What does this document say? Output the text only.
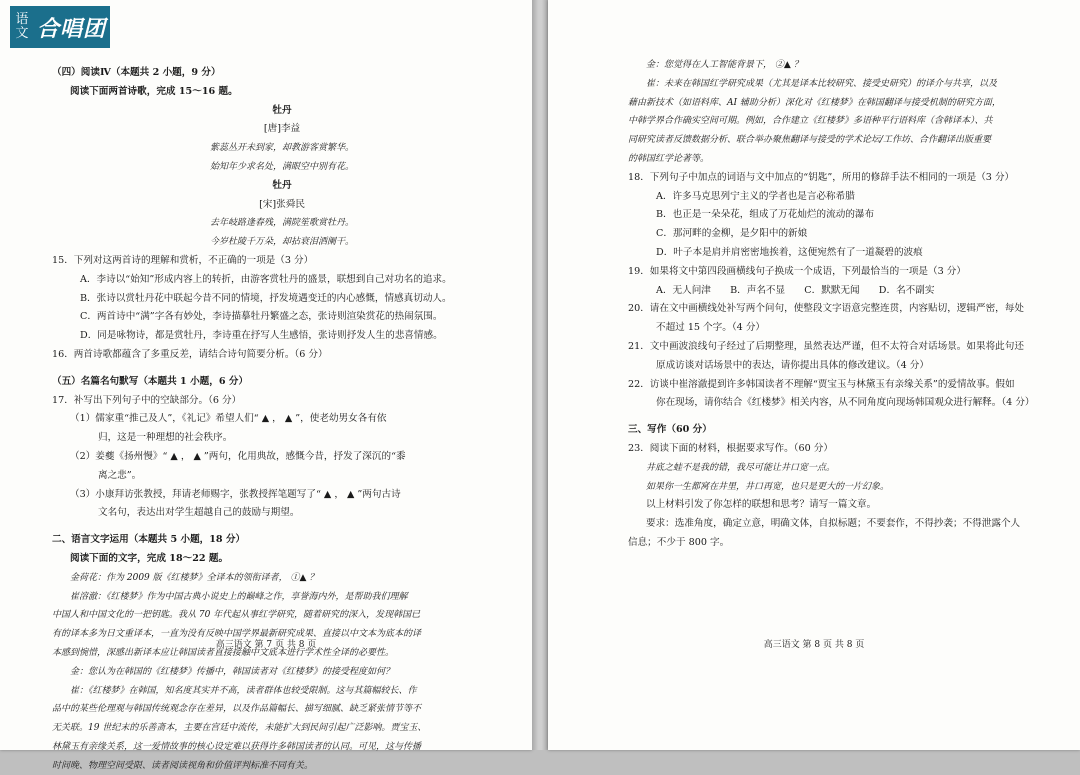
语文 合唱团
（四）阅读Ⅳ（本题共 2 小题，9 分）
阅读下面两首诗歌，完成 15～16 题。
牡丹
[唐]李益
紫蕊丛开未到家，却教游客赏繁华。
始知年少求名处，满眼空中别有花。
牡丹
[宋]张舜民
去年岐路逢春残，满院笙歌赏牡丹。
今岁杜陵千万朵，却拈衰泪洒阑干。
15．下列对这两首诗的理解和赏析，不正确的一项是（3 分）
A．李诗以“始知”形成内容上的转折，由游客赏牡丹的盛景，联想到自己对功名的追求。
B．张诗以赏牡丹花中联起今昔不同的情境，抒发境遇变迁的内心感慨，情感真切动人。
C．两首诗中“满”字各有妙处，李诗描摹牡丹繁盛之态，张诗则渲染赏花的热闹氛围。
D．同是咏物诗，都是赏牡丹，李诗重在抒写人生感悟，张诗则抒发人生的悲喜情感。
16．两首诗歌都蕴含了多重反差，请结合诗句简要分析。（6 分）
（五）名篇名句默写（本题共 1 小题，6 分）
17．补写出下列句子中的空缺部分。（6 分）
（1）儒家重“推己及人”，《礼记》希望人们“ ▲ ， ▲ ”，使老幼男女各有依
归，这是一种理想的社会秩序。
（2）姜夔《扬州慢》“ ▲ ， ▲ ”两句，化用典故，感慨今昔，抒发了深沉的“黍
离之悲”。
（3）小康拜访张教授，拜请老师赐字，张教授挥笔题写了“ ▲ ， ▲ ”两句古诗
文名句，表达出对学生超越自己的鼓励与期望。
二、语言文字运用（本题共 5 小题，18 分）
阅读下面的文字，完成 18～22 题。
金荷花：作为 2009 版《红楼梦》全译本的领衔译者， ①▲ ？
崔溶澈：《红楼梦》作为中国古典小说史上的巅峰之作，享誉海内外，是帮助我们理解
中国人和中国文化的一把钥匙。我从 70 年代起从事红学研究，随着研究的深入，发现韩国已
有的译本多为日文重译本，一直为没有反映中国学界最新研究成果、直接以中文本为底本的译
本感到惋惜，深感出新译本应让韩国读者直接接触中文底本进行学术性全译的必要性。
金：您认为在韩国的《红楼梦》传播中，韩国读者对《红楼梦》的接受程度如何？
崔：《红楼梦》在韩国，知名度其实并不高，读者群体也较受限制。这与其篇幅较长、作
品中的某些伦理观与韩国传统观念存在差异，以及作品篇幅长、描写细腻、缺乏紧张情节等不
无关联。19 世纪末的乐善斋本，主要在宫廷中流传，未能扩大到民间引起广泛影响。贾宝玉、
林黛玉有亲缘关系，这一爱情故事的核心设定难以获得许多韩国读者的认同。可见，这与传播
时间晚、物理空间受限、读者阅读视角和价值评判标准不同有关。
高三语文 第 7 页 共 8 页
金：您觉得在人工智能背景下， ②▲ ？
崔：未来在韩国红学研究成果（尤其是译本比较研究、接受史研究）的译介与共享，以及
藉由新技术（如语料库、AI 辅助分析）深化对《红楼梦》在韩国翻译与接受机制的研究方面，
中韩学界合作确实空间可期。例如，合作建立《红楼梦》多语种平行语料库（含韩译本）、共
同研究读者反馈数据分析、联合举办聚焦翻译与接受的学术论坛/工作坊、合作翻译出版重要
的韩国红学论著等。
18．下列句子中加点的词语与文中加点的“钥匙”，所用的修辞手法不相同的一项是（3 分）
A．许多马克思列宁主义的学者也是言必称希腊
B．也正是一朵朵花，组成了万花灿烂的流动的瀑布
C．那河畔的金柳，是夕阳中的新娘
D．叶子本是肩并肩密密地挨着，这便宛然有了一道凝碧的波痕
19．如果将文中第四段画横线句子换成一个成语，下列最恰当的一项是（3 分）
A．无人问津　　B．声名不显　　C．默默无闻　　D．名不副实
20．请在文中画横线处补写两个问句，使整段文字语意完整连贯，内容贴切，逻辑严密，每处
不超过 15 个字。（4 分）
21．文中画波浪线句子经过了后期整理，虽然表达严谨，但不太符合对话场景。如果将此句还
原成访谈对话场景中的表达，请你提出具体的修改建议。（4 分）
22．访谈中崔溶澈提到许多韩国读者不理解“贾宝玉与林黛玉有亲缘关系”的爱情故事。假如
你在现场，请你结合《红楼梦》相关内容，从不同角度向现场韩国观众进行解释。（4 分）
三、写作（60 分）
23．阅读下面的材料，根据要求写作。（60 分）
井底之蛙不是我的错，我尽可能让井口宽一点。
如果你一生都窝在井里，井口再宽，也只是更大的一片幻象。
以上材料引发了你怎样的联想和思考？请写一篇文章。
要求：选准角度，确定立意，明确文体，自拟标题；不要套作，不得抄袭；不得泄露个人
信息；不少于 800 字。
高三语文 第 8 页 共 8 页
